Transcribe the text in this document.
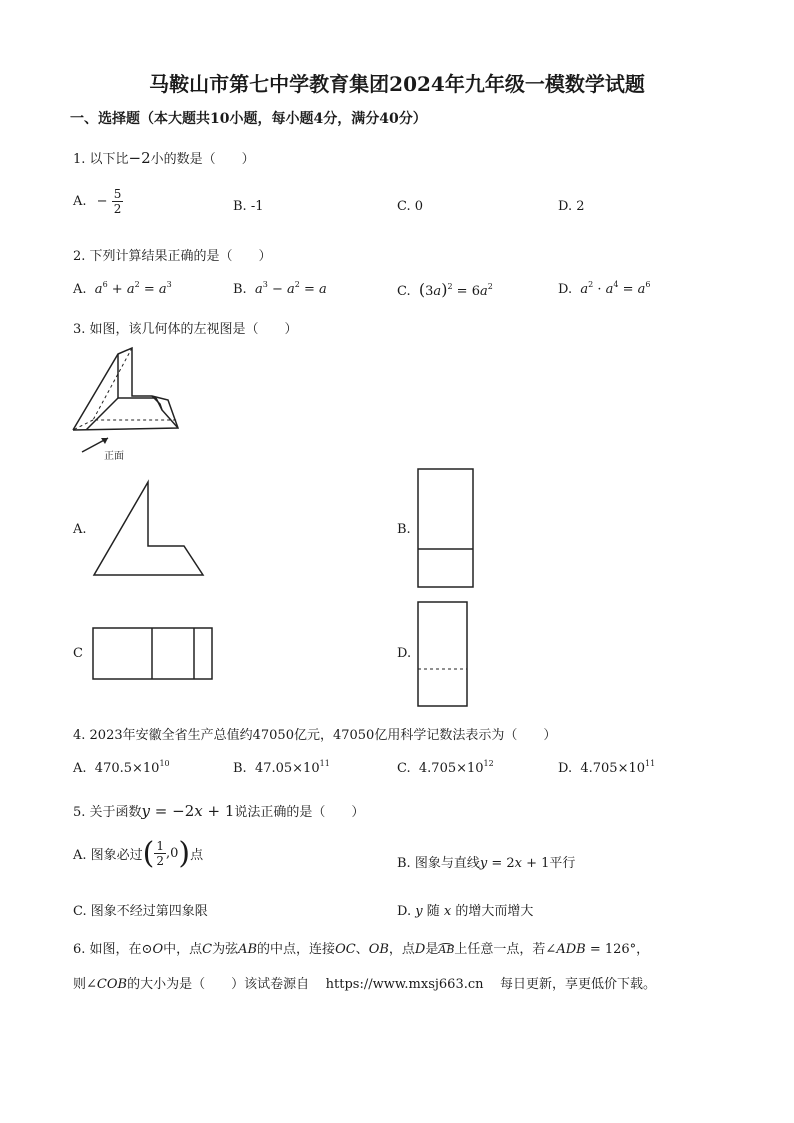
马鞍山市第七中学教育集团2024年九年级一模数学试题
一、选择题（本大题共10小题，每小题4分，满分40分）
1. 以下比−2小的数是（　　）
A. − $\frac{5}{2}$	B. -1	C. 0	D. 2
2. 下列计算结果正确的是（　　）
A. $a^6 + a^2 = a^3$	B. $a^3 - a^2 = a$	C. $(3a)^2 = 6a^2$	D. $a^2 \cdot a^4 = a^6$
3. 如图，该几何体的左视图是（　　）
正面
A.	B.
C	D.
4. 2023年安徽全省生产总值约47050亿元，47050亿用科学记数法表示为（　　）
A. $470.5\times 10^{10}$	B. $47.05\times 10^{11}$	C. $4.705\times 10^{12}$	D. $4.705\times 10^{11}$
5. 关于函数y = −2x + 1说法正确的是（　　）
A. 图象必过( $\frac{1}{2} ,0$)点
B. 图象与直线y = 2x + 1平行
C. 图象不经过第四象限	D. y 随 x 的增大而增大
6. 如图，在⊙O中，点C为弦AB的中点，连接OC、OB，点D是AB上任意一点，若∠ADB = 126°，
则∠COB的大小为是（　　）该试卷源自 https://www.mxsj663.cn 每日更新，享更低价下载。
